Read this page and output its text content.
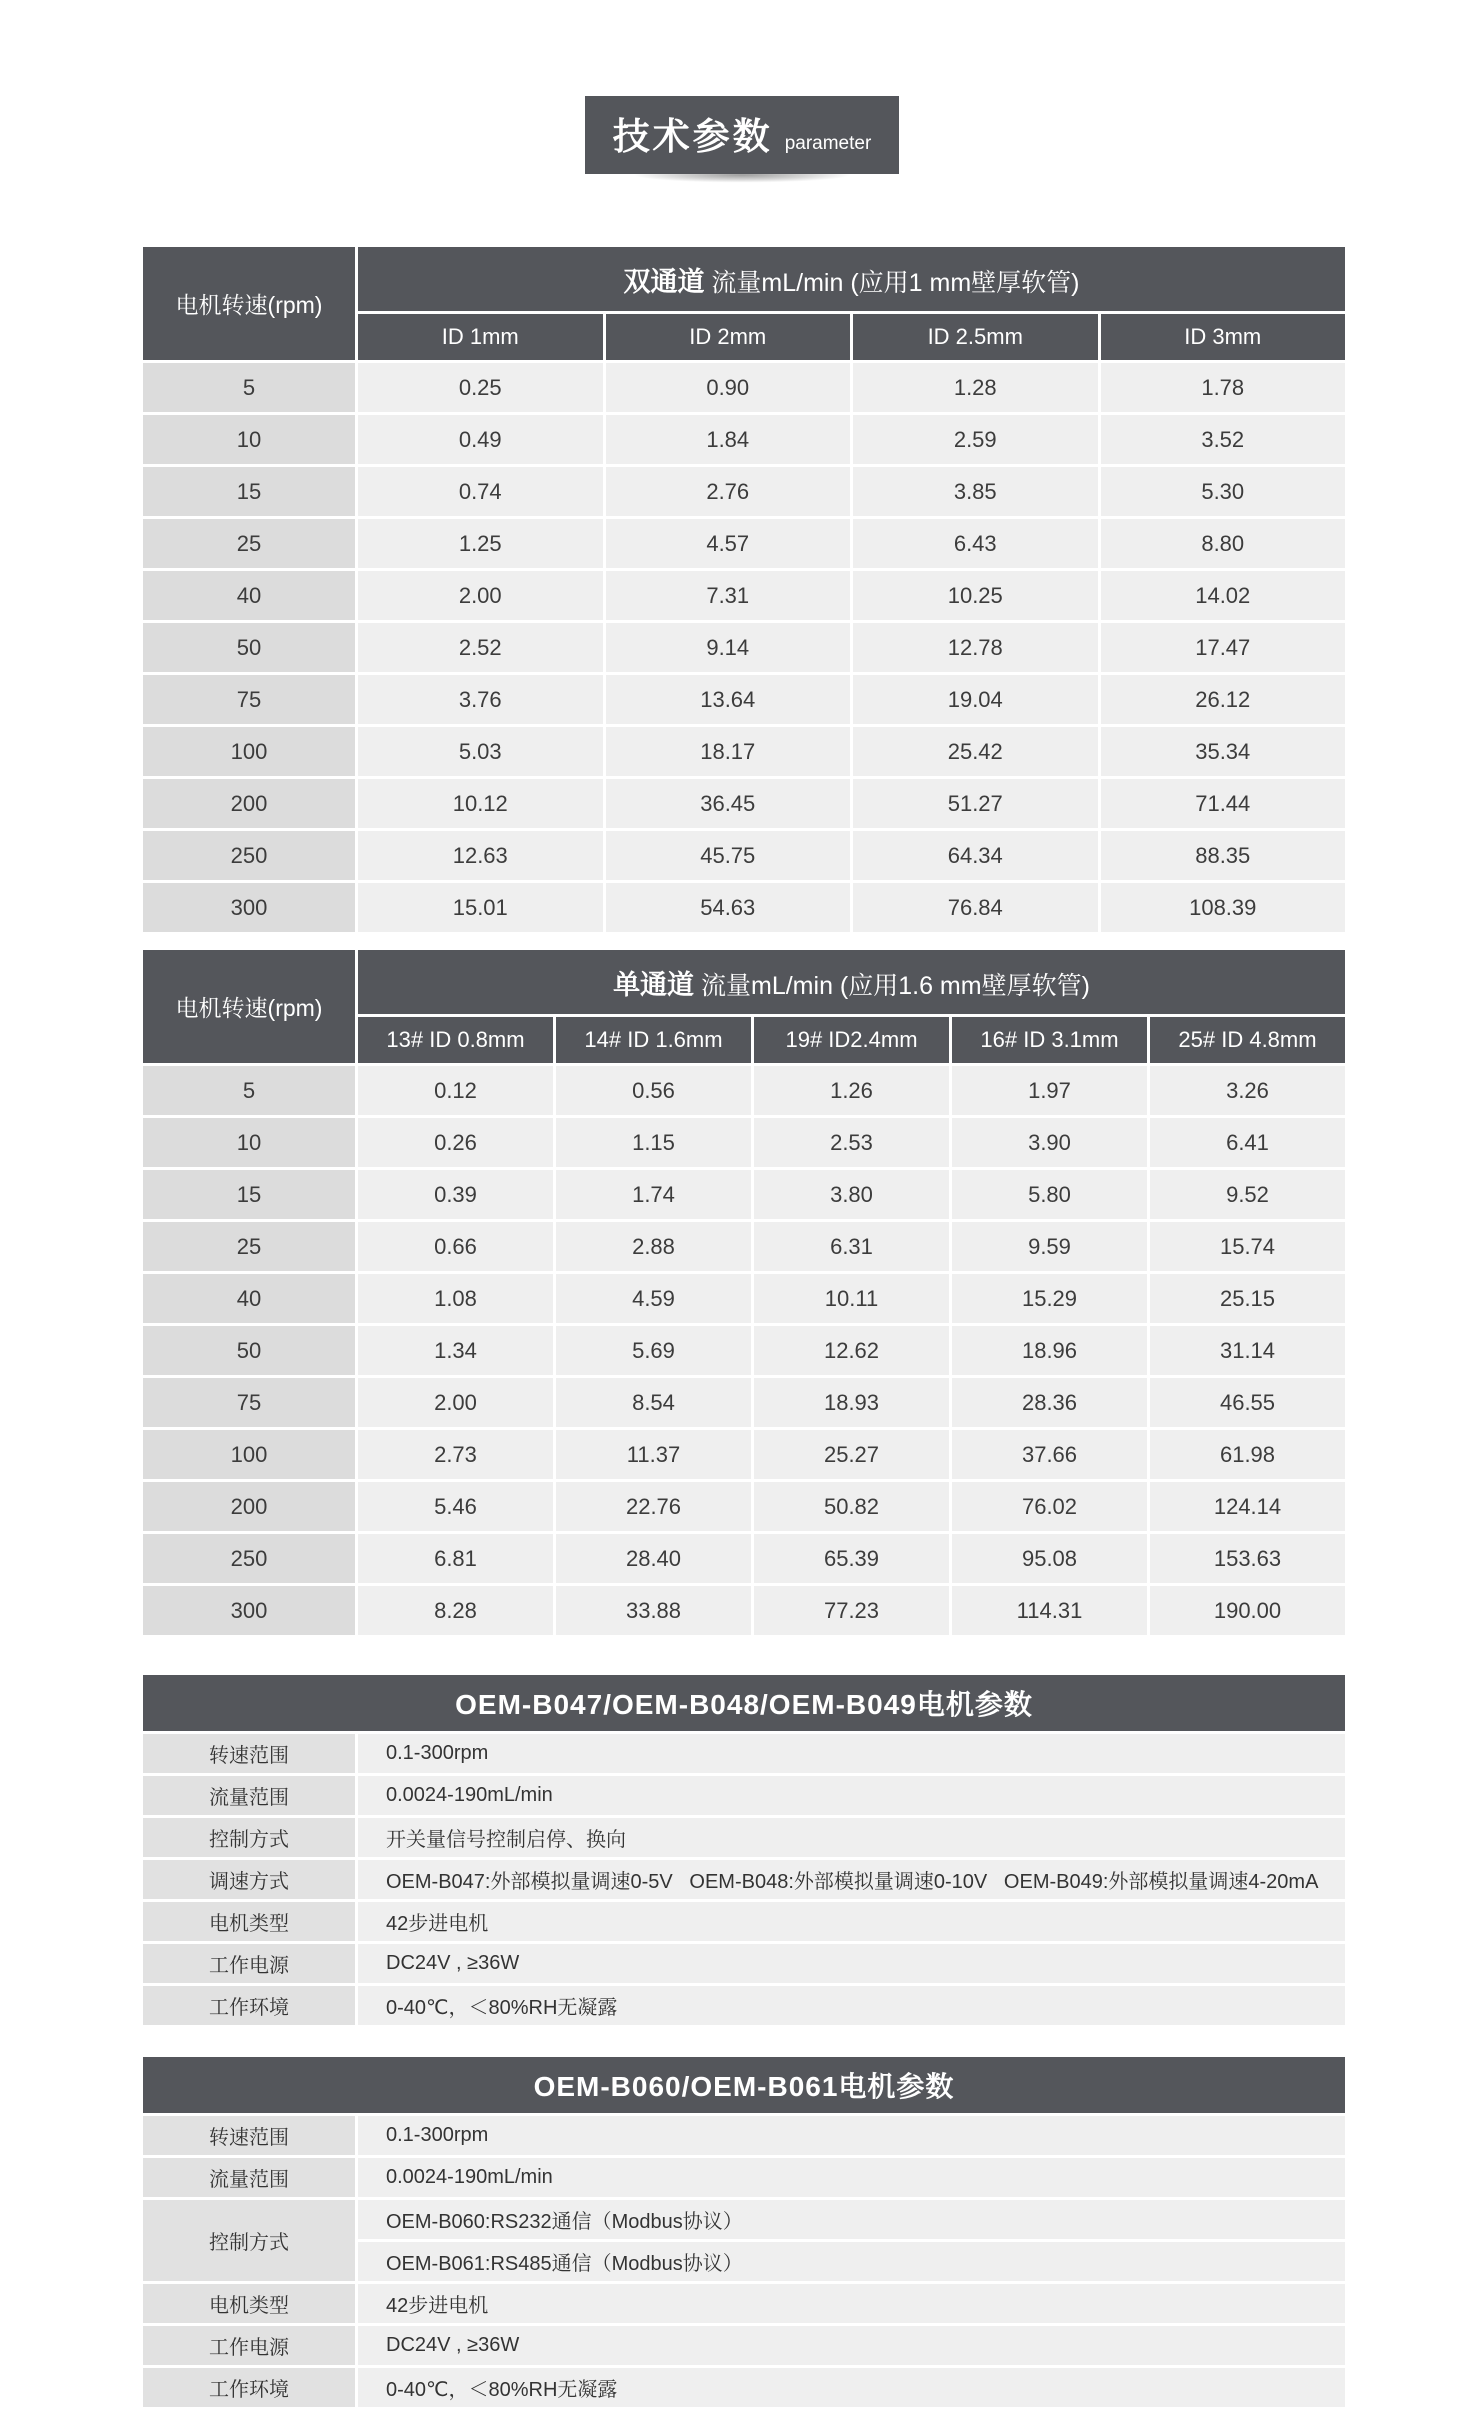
技术参数 parameter
电机转速(rpm)	双通道 流量mL/min (应用1 mm壁厚软管)			
	ID 1mm	ID 2mm	ID 2.5mm	ID 3mm
5	0.25	0.90	1.28	1.78
10	0.49	1.84	2.59	3.52
15	0.74	2.76	3.85	5.30
25	1.25	4.57	6.43	8.80
40	2.00	7.31	10.25	14.02
50	2.52	9.14	12.78	17.47
75	3.76	13.64	19.04	26.12
100	5.03	18.17	25.42	35.34
200	10.12	36.45	51.27	71.44
250	12.63	45.75	64.34	88.35
300	15.01	54.63	76.84	108.39
电机转速(rpm)	单通道 流量mL/min (应用1.6 mm壁厚软管)				
	13# ID 0.8mm	14# ID 1.6mm	19# ID2.4mm	16# ID 3.1mm	25# ID 4.8mm
5	0.12	0.56	1.26	1.97	3.26
10	0.26	1.15	2.53	3.90	6.41
15	0.39	1.74	3.80	5.80	9.52
25	0.66	2.88	6.31	9.59	15.74
40	1.08	4.59	10.11	15.29	25.15
50	1.34	5.69	12.62	18.96	31.14
75	2.00	8.54	18.93	28.36	46.55
100	2.73	11.37	25.27	37.66	61.98
200	5.46	22.76	50.82	76.02	124.14
250	6.81	28.40	65.39	95.08	153.63
300	8.28	33.88	77.23	114.31	190.00
OEM-B047/OEM-B048/OEM-B049电机参数	
转速范围	0.1-300rpm
流量范围	0.0024-190mL/min
控制方式	开关量信号控制启停、换向
调速方式	OEM-B047:外部模拟量调速0-5V   OEM-B048:外部模拟量调速0-10V   OEM-B049:外部模拟量调速4-20mA
电机类型	42步进电机
工作电源	DC24V , ≥36W
工作环境	0-40℃，＜80%RH无凝露
OEM-B060/OEM-B061电机参数	
转速范围	0.1-300rpm
流量范围	0.0024-190mL/min
控制方式	OEM-B060:RS232通信（Modbus协议）
	OEM-B061:RS485通信（Modbus协议）
电机类型	42步进电机
工作电源	DC24V , ≥36W
工作环境	0-40℃，＜80%RH无凝露
